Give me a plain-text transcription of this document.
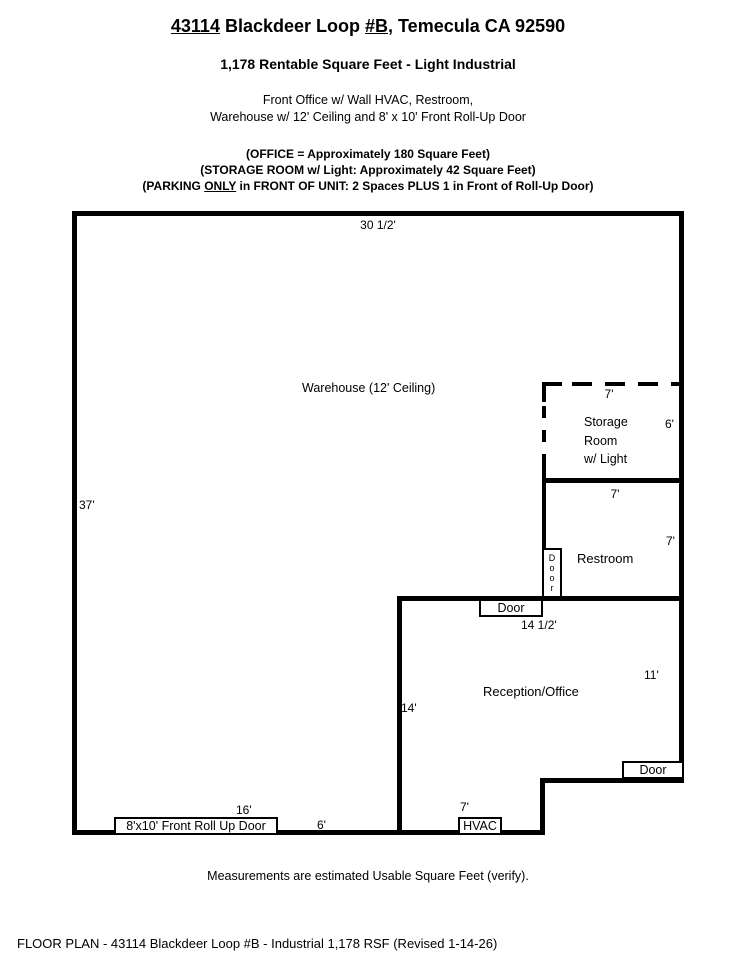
43114 Blackdeer Loop #B, Temecula CA 92590
1,178 Rentable Square Feet - Light Industrial
Front Office w/ Wall HVAC, Restroom,
Warehouse w/ 12' Ceiling and 8' x 10' Front Roll-Up Door
(OFFICE = Approximately 180 Square Feet)
(STORAGE ROOM w/ Light: Approximately 42 Square Feet)
(PARKING ONLY in FRONT OF UNIT: 2 Spaces PLUS 1 in Front of Roll-Up Door)
Door
Door
Door
8'x10' Front Roll Up Door	HVAC
30 1/2'
37'
Warehouse (12' Ceiling)	7'
Storage
Room
w/ Light
6'
7'
7'
Restroom
14 1/2'
11'
Reception/Office
14'
16'
6'
7'
Measurements are estimated Usable Square Feet (verify).
FLOOR PLAN - 43114 Blackdeer Loop #B - Industrial 1,178 RSF (Revised 1-14-26)
